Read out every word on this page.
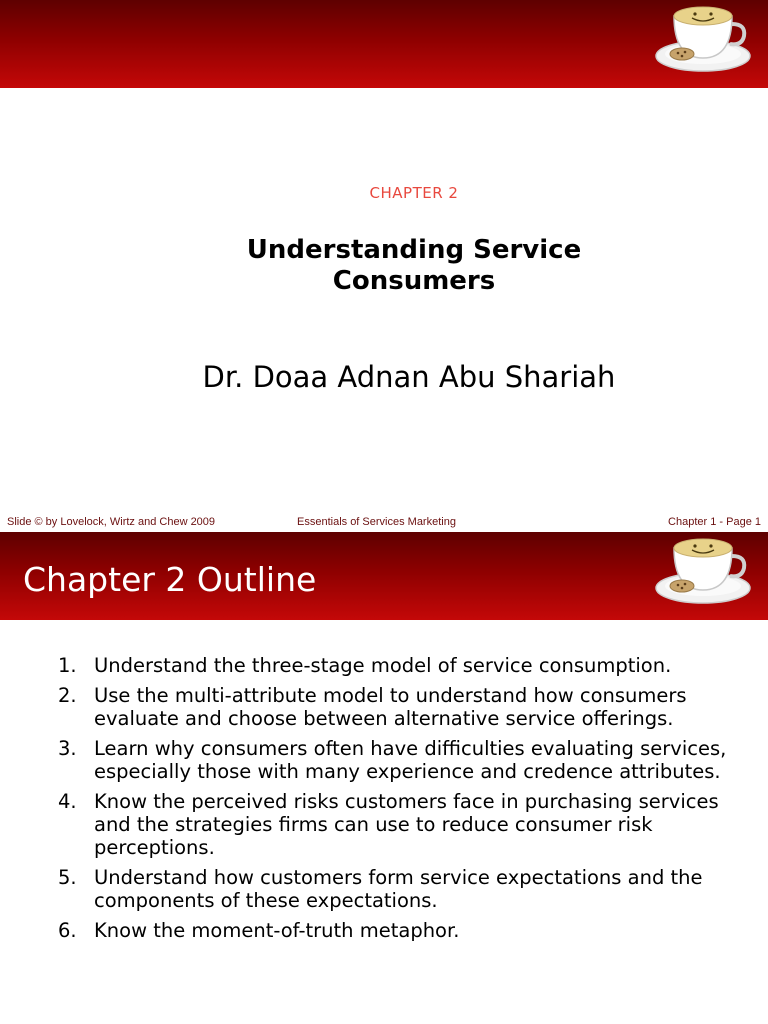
CHAPTER 2
Understanding Service
Consumers
Dr. Doaa Adnan Abu Shariah
Slide © by Lovelock, Wirtz and Chew 2009	Essentials of Services Marketing	Chapter 1 - Page 1
Chapter 2 Outline
1. Understand the three-stage model of service consumption.
2. Use the multi-attribute model to understand how consumers evaluate and choose between alternative service offerings.
3. Learn why consumers often have difficulties evaluating services, especially those with many experience and credence attributes.
4. Know the perceived risks customers face in purchasing services and the strategies firms can use to reduce consumer risk perceptions.
5. Understand how customers form service expectations and the components of these expectations.
6. Know the moment-of-truth metaphor.
